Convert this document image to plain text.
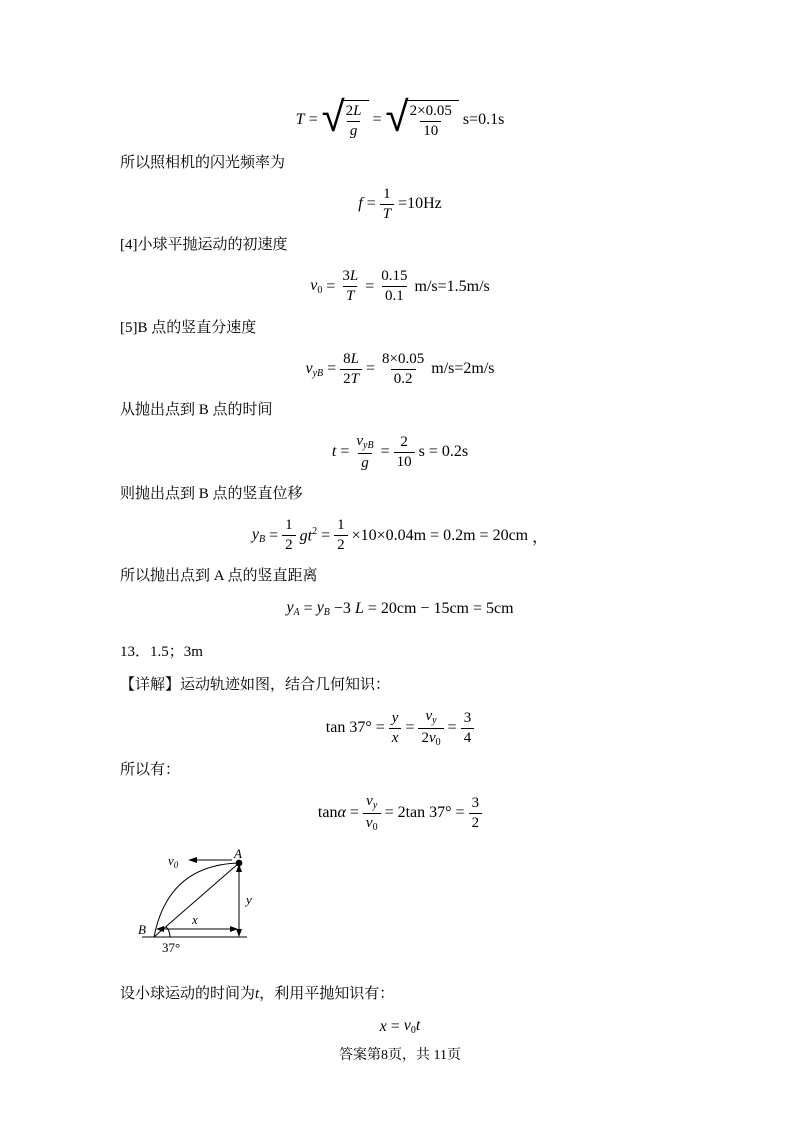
T = √
$\frac{2L}{g}$ = √
$\frac{2\times 0.05}{10} s=0.1s$

所以照相机的闪光频率为

$f = \frac{1}{T} =10Hz$

[4]小球平抛运动的初速度

$v_0 = \frac{3L}{T} = \frac{0.15}{0.1} m/s=1.5m/s$

[5]B 点的竖直分速度

$v_{yB} = \frac{8L}{2T} = \frac{8\times 0.05}{0.2} m/s=2m/s$

从抛出点到 B 点的时间

$t = \frac{v_{yB}}{g} = \frac{2}{10}$ s = 0.2s

则抛出点到 B 点的竖直位移

$y_B = \frac{1}{2} gt^2 = \frac{1}{2} \times 10\times 0.04m = 0.2m = 20cm$ ，

所以抛出点到 A 点的竖直距离

$y_A = y_B -3$ L = 20cm − 15cm = 5cm

13．1.5；3m

【详解】运动轨迹如图，结合几何知识：

$\tan 37^\circ = \frac{y}{x} = \frac{v_y}{2v_0} = \frac{3}{4}$

所以有：

$\tan\alpha = \frac{v_y}{v_0} = 2\tan$ $37^\circ = \frac{3}{2}$
A
$v_0$
y
x
B
37°

设小球运动的时间为t，利用平抛知识有：

$x = v_0t$
答案第8页，共 11页
